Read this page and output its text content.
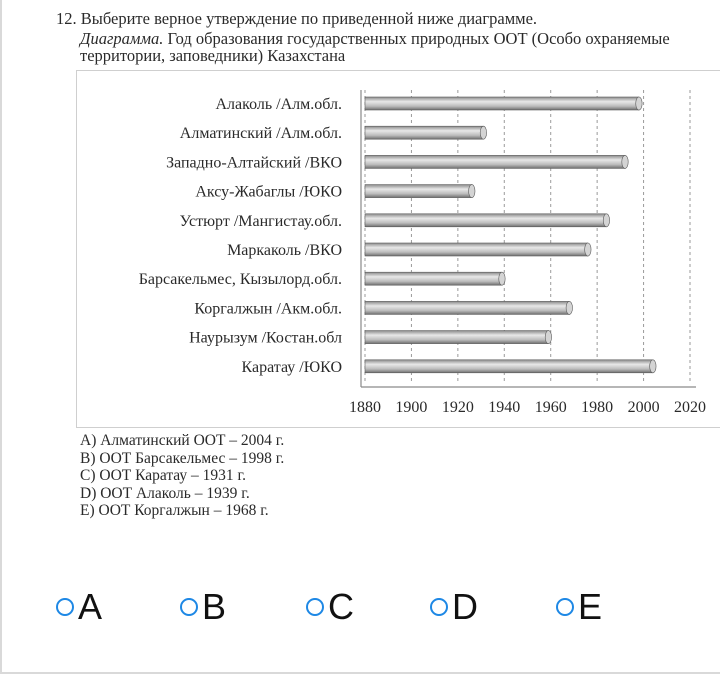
12. Выберите верное утверждение по приведенной ниже диаграмме.
Диаграмма. Год образования государственных природных ООТ (Особо охраняемые территории, заповедники) Казахстана
Алаколь /Алм.обл.
Алматинский /Алм.обл.
Западно-Алтайский /ВКО
Аксу-Жабаглы /ЮКО
Устюрт /Мангистау.обл.
Маркаколь /ВКО
Барсакельмес, Кызылорд.обл.
Коргалжын /Акм.обл.
Наурызум /Костан.обл
Каратау /ЮКО
1880 1900 1920 1940 1960 1980 2000 2020
A) Алматинский ООТ – 2004 г.
B) ООТ Барсакельмес – 1998 г.
C) ООТ Каратау – 1931 г.
D) ООТ Алаколь – 1939 г.
E) ООТ Коргалжын – 1968 г.
A	B	C	D	E
